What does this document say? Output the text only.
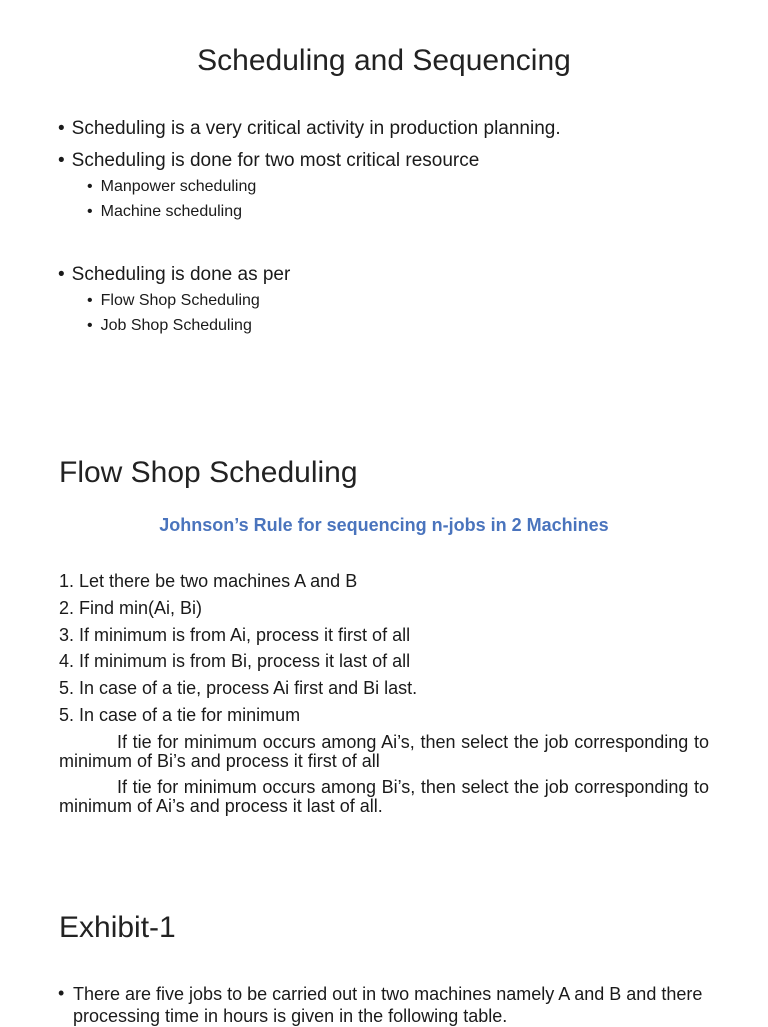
Scheduling and Sequencing

• Scheduling is a very critical activity in production planning.

• Scheduling is done for two most critical resource

• Manpower scheduling

• Machine scheduling

• Scheduling is done as per

• Flow Shop Scheduling

• Job Shop Scheduling

Flow Shop Scheduling

Johnson’s Rule for sequencing n-jobs in 2 Machines

1. Let there be two machines A and B

2. Find min(Ai, Bi)

3. If minimum is from Ai, process it first of all

4. If minimum is from Bi, process it last of all

5. In case of a tie, process Ai first and Bi last.

5. In case of a tie for minimum

If tie for minimum occurs among Ai’s, then select the job corresponding to minimum of Bi’s and process it first of all

If tie for minimum occurs among Bi’s, then select the job corresponding to minimum of Ai’s and process it last of all.

Exhibit-1
• There are five jobs to be carried out in two machines namely A and B and there processing time in hours is given in the following table.
